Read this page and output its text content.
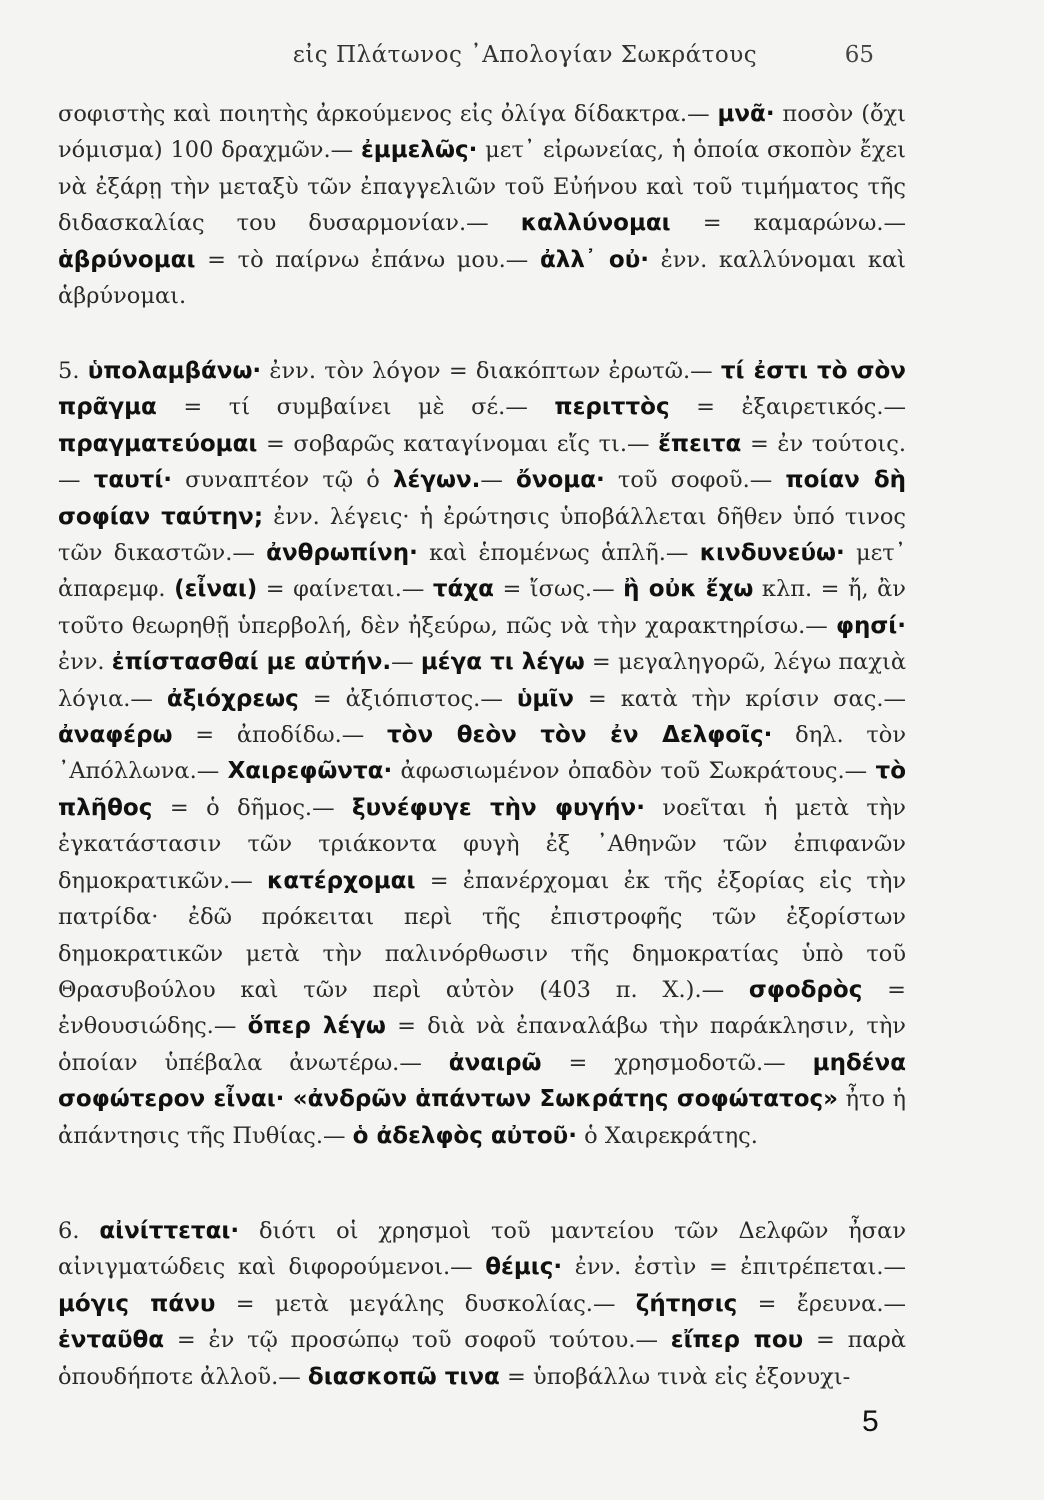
εἰς Πλάτωνος ᾿Απολογίαν Σωκράτους	65
σοφιστὴς καὶ ποιητὴς ἀρκούμενος εἰς ὀλίγα δίδακτρα.— μνᾶ· ποσὸν (ὄχι νόμισμα) 100 δραχμῶν.— ἐμμελῶς· μετ᾿ εἰρωνείας, ἡ ὁποία σκοπὸν ἔχει νὰ ἐξάρῃ τὴν μεταξὺ τῶν ἐπαγγελιῶν τοῦ Εὐήνου καὶ τοῦ τιμήματος τῆς διδασκαλίας του δυσαρμονίαν.— καλλύνομαι = καμαρώνω.— ἁβρύνομαι = τὸ παίρνω ἐπάνω μου.— ἀλλ᾿ οὐ· ἐνν. καλλύνομαι καὶ ἁβρύνομαι.
5. ὑπολαμβάνω· ἐνν. τὸν λόγον = διακόπτων ἐρωτῶ.— τί ἐστι τὸ σὸν πρᾶγμα = τί συμβαίνει μὲ σέ.— περιττὸς = ἐξαιρετικός.— πραγματεύομαι = σοβαρῶς καταγίνομαι εἴς τι.— ἔπειτα = ἐν τούτοις. — ταυτί· συναπτέον τῷ ὁ λέγων.— ὄνομα· τοῦ σοφοῦ.— ποίαν δὴ σοφίαν ταύτην; ἐνν. λέγεις· ἡ ἐρώτησις ὑποβάλλεται δῆθεν ὑπό τινος τῶν δικαστῶν.— ἀνθρωπίνη· καὶ ἑπομένως ἁπλῆ.— κινδυνεύω· μετ᾿ ἀπαρεμφ. (εἶναι) = φαίνεται.— τάχα = ἴσως.— ἢ οὐκ ἔχω κλπ. = ἤ, ἂν τοῦτο θεωρηθῇ ὑπερβολή, δὲν ἠξεύρω, πῶς νὰ τὴν χαρακτηρίσω.— φησί· ἐνν. ἐπίστασθαί με αὐτήν.— μέγα τι λέγω = μεγαληγορῶ, λέγω παχιὰ λόγια.— ἀξιόχρεως = ἀξιόπιστος.— ὑμῖν = κατὰ τὴν κρίσιν σας.— ἀναφέρω = ἀποδίδω.— τὸν θεὸν τὸν ἐν Δελφοῖς· δηλ. τὸν ᾿Απόλλωνα.— Χαιρεφῶντα· ἀφωσιωμένον ὀπαδὸν τοῦ Σωκράτους.— τὸ πλῆθος = ὁ δῆμος.— ξυνέφυγε τὴν φυγήν· νοεῖται ἡ μετὰ τὴν ἐγκατάστασιν τῶν τριάκοντα φυγὴ ἐξ ᾿Αθηνῶν τῶν ἐπιφανῶν δημοκρατικῶν.— κατέρχομαι = ἐπανέρχομαι ἐκ τῆς ἐξορίας εἰς τὴν πατρίδα· ἐδῶ πρόκειται περὶ τῆς ἐπιστροφῆς τῶν ἐξορίστων δημοκρατικῶν μετὰ τὴν παλινόρθωσιν τῆς δημοκρατίας ὑπὸ τοῦ Θρασυβούλου καὶ τῶν περὶ αὐτὸν (403 π. Χ.).— σφοδρὸς = ἐνθουσιώδης.— ὅπερ λέγω = διὰ νὰ ἐπαναλάβω τὴν παράκλησιν, τὴν ὁποίαν ὑπέβαλα ἀνωτέρω.— ἀναιρῶ = χρησμοδοτῶ.— μηδένα σοφώτερον εἶναι· «ἀνδρῶν ἁπάντων Σωκράτης σοφώτατος» ἦτο ἡ ἀπάντησις τῆς Πυθίας.— ὁ ἀδελφὸς αὐτοῦ· ὁ Χαιρεκράτης.
6. αἰνίττεται· διότι οἱ χρησμοὶ τοῦ μαντείου τῶν Δελφῶν ἦσαν αἰνιγματώδεις καὶ διφορούμενοι.— θέμις· ἐνν. ἐστὶν = ἐπιτρέπεται.— μόγις πάνυ = μετὰ μεγάλης δυσκολίας.— ζήτησις = ἔρευνα.— ἐνταῦθα = ἐν τῷ προσώπῳ τοῦ σοφοῦ τούτου.— εἴπερ που = παρὰ ὁπουδήποτε ἀλλοῦ.— διασκοπῶ τινα = ὑποβάλλω τινὰ εἰς ἐξονυχι-
5
